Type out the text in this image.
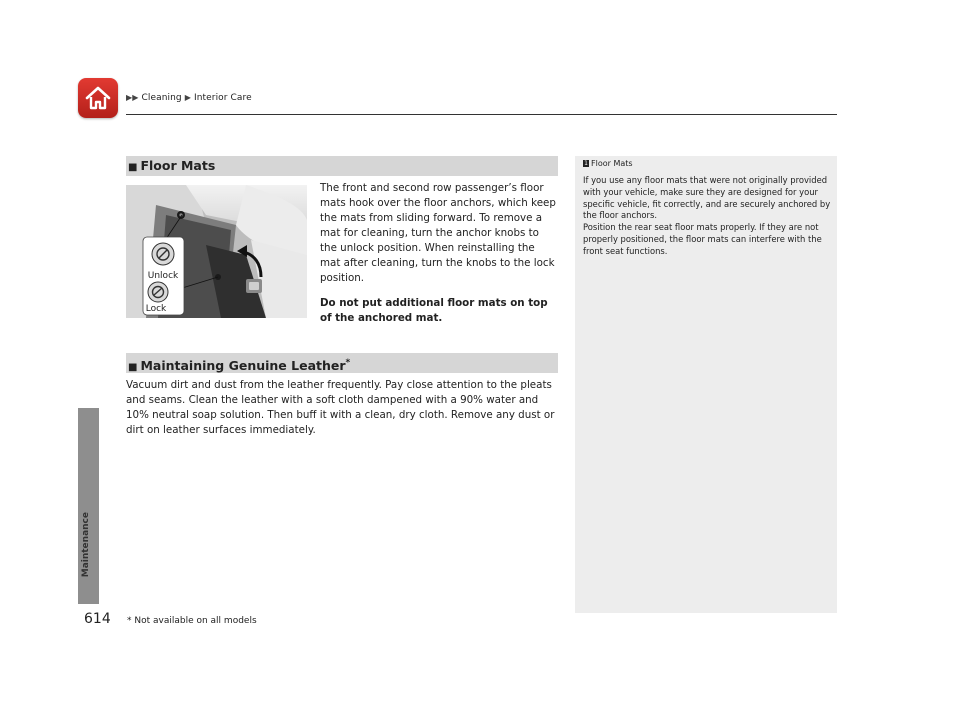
▶▶ Cleaning ▶ Interior Care
Maintenance
■ Floor Mats
Unlock
Lock
The front and second row passenger’s floor mats hook over the floor anchors, which keep the mats from sliding forward. To remove a mat for cleaning, turn the anchor knobs to the unlock position. When reinstalling the mat after cleaning, turn the knobs to the lock position.
Do not put additional floor mats on top of the anchored mat.
■ Maintaining Genuine Leather*
Vacuum dirt and dust from the leather frequently. Pay close attention to the pleats and seams. Clean the leather with a soft cloth dampened with a 90% water and 10% neutral soap solution. Then buff it with a clean, dry cloth. Remove any dust or dirt on leather surfaces immediately.
1 Floor Mats
If you use any floor mats that were not originally provided with your vehicle, make sure they are designed for your specific vehicle, fit correctly, and are securely anchored by the floor anchors.
Position the rear seat floor mats properly. If they are not properly positioned, the floor mats can interfere with the front seat functions.
614 * Not available on all models
